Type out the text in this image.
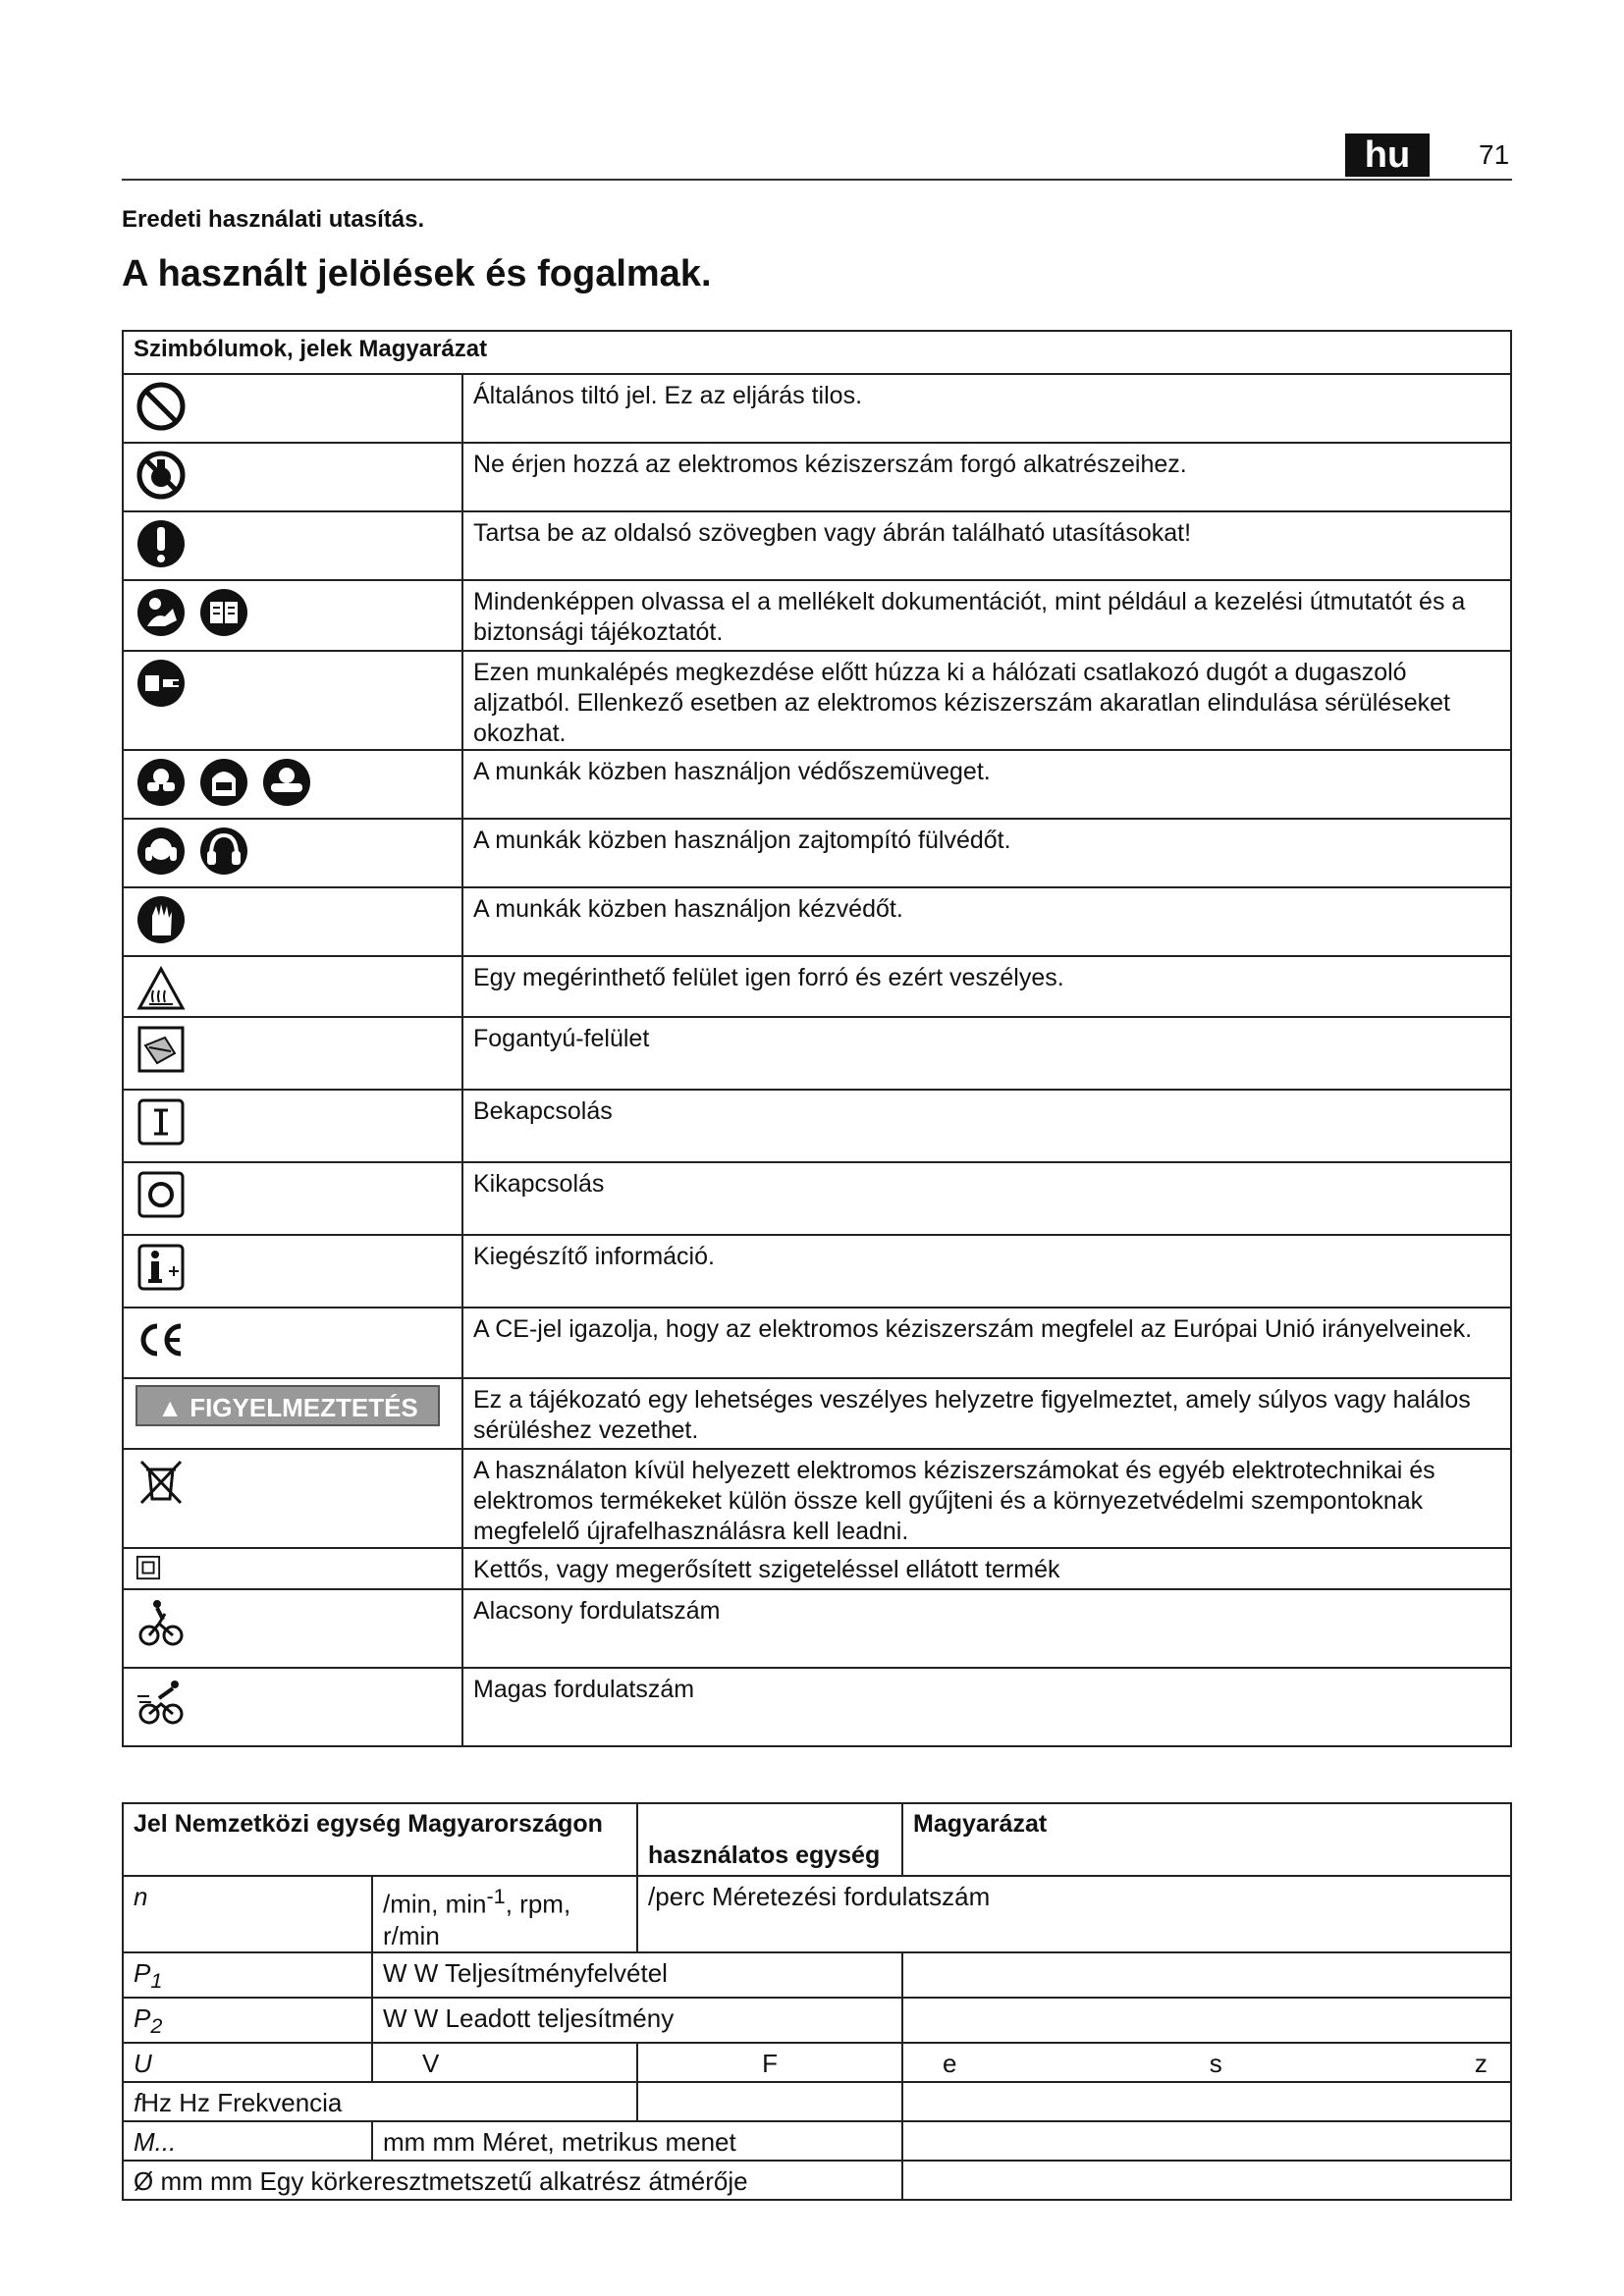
hu	71
Eredeti használati utasítás.
A használt jelölések és fogalmak.
Szimbólumok, jelek Magyarázat	

	Általános tiltó jel. Ez az eljárás tilos.

	Ne érjen hozzá az elektromos kéziszerszám forgó alkatrészeihez.

	Tartsa be az oldalsó szövegben vagy ábrán található utasításokat!

	Mindenképpen olvassa el a mellékelt dokumentációt, mint például a kezelési útmutatót és a biztonsági tájékoztatót.

	Ezen munkalépés megkezdése előtt húzza ki a hálózati csatlakozó dugót a dugaszoló aljzatból. Ellenkező esetben az elektromos kéziszerszám akaratlan elindulása sérüléseket okozhat.

	A munkák közben használjon védőszemüveget.

	A munkák közben használjon zajtompító fülvédőt.

	A munkák közben használjon kézvédőt.

	Egy megérinthető felület igen forró és ezért veszélyes.

	Fogantyú-felület

	Bekapcsolás

	Kikapcsolás

	Kiegészítő információ.

	A CE-jel igazolja, hogy az elektromos kéziszerszám megfelel az Európai Unió irányelveinek.
▲ FIGYELMEZTETÉS	Ez a tájékozató egy lehetséges veszélyes helyzetre figyelmeztet, amely súlyos vagy halálos sérüléshez vezethet.

	A használaton kívül helyezett elektromos kéziszerszámokat és egyéb elektrotechnikai és elektromos termékeket külön össze kell gyűjteni és a környezetvédelmi szempontoknak megfelelő újrafelhasználásra kell leadni.
	Kettős, vagy megerősített szigeteléssel ellátott termék

	Alacsony fordulatszám

	Magas fordulatszám
Jel Nemzetközi egység Magyarországon		használatos egység	Magyarázat
n	/min, $\min^{-1}$, rpm, r/min	/perc Méretezési fordulatszám	
$P_1$	W W Teljesítményfelvétel		
$P_2$	W W Leadott teljesítmény		
U	V	F	e s z
fHz Hz Frekvencia			
M...	mm mm Méret, metrikus menet		
Ø mm mm Egy körkeresztmetszetű alkatrész átmérője			
